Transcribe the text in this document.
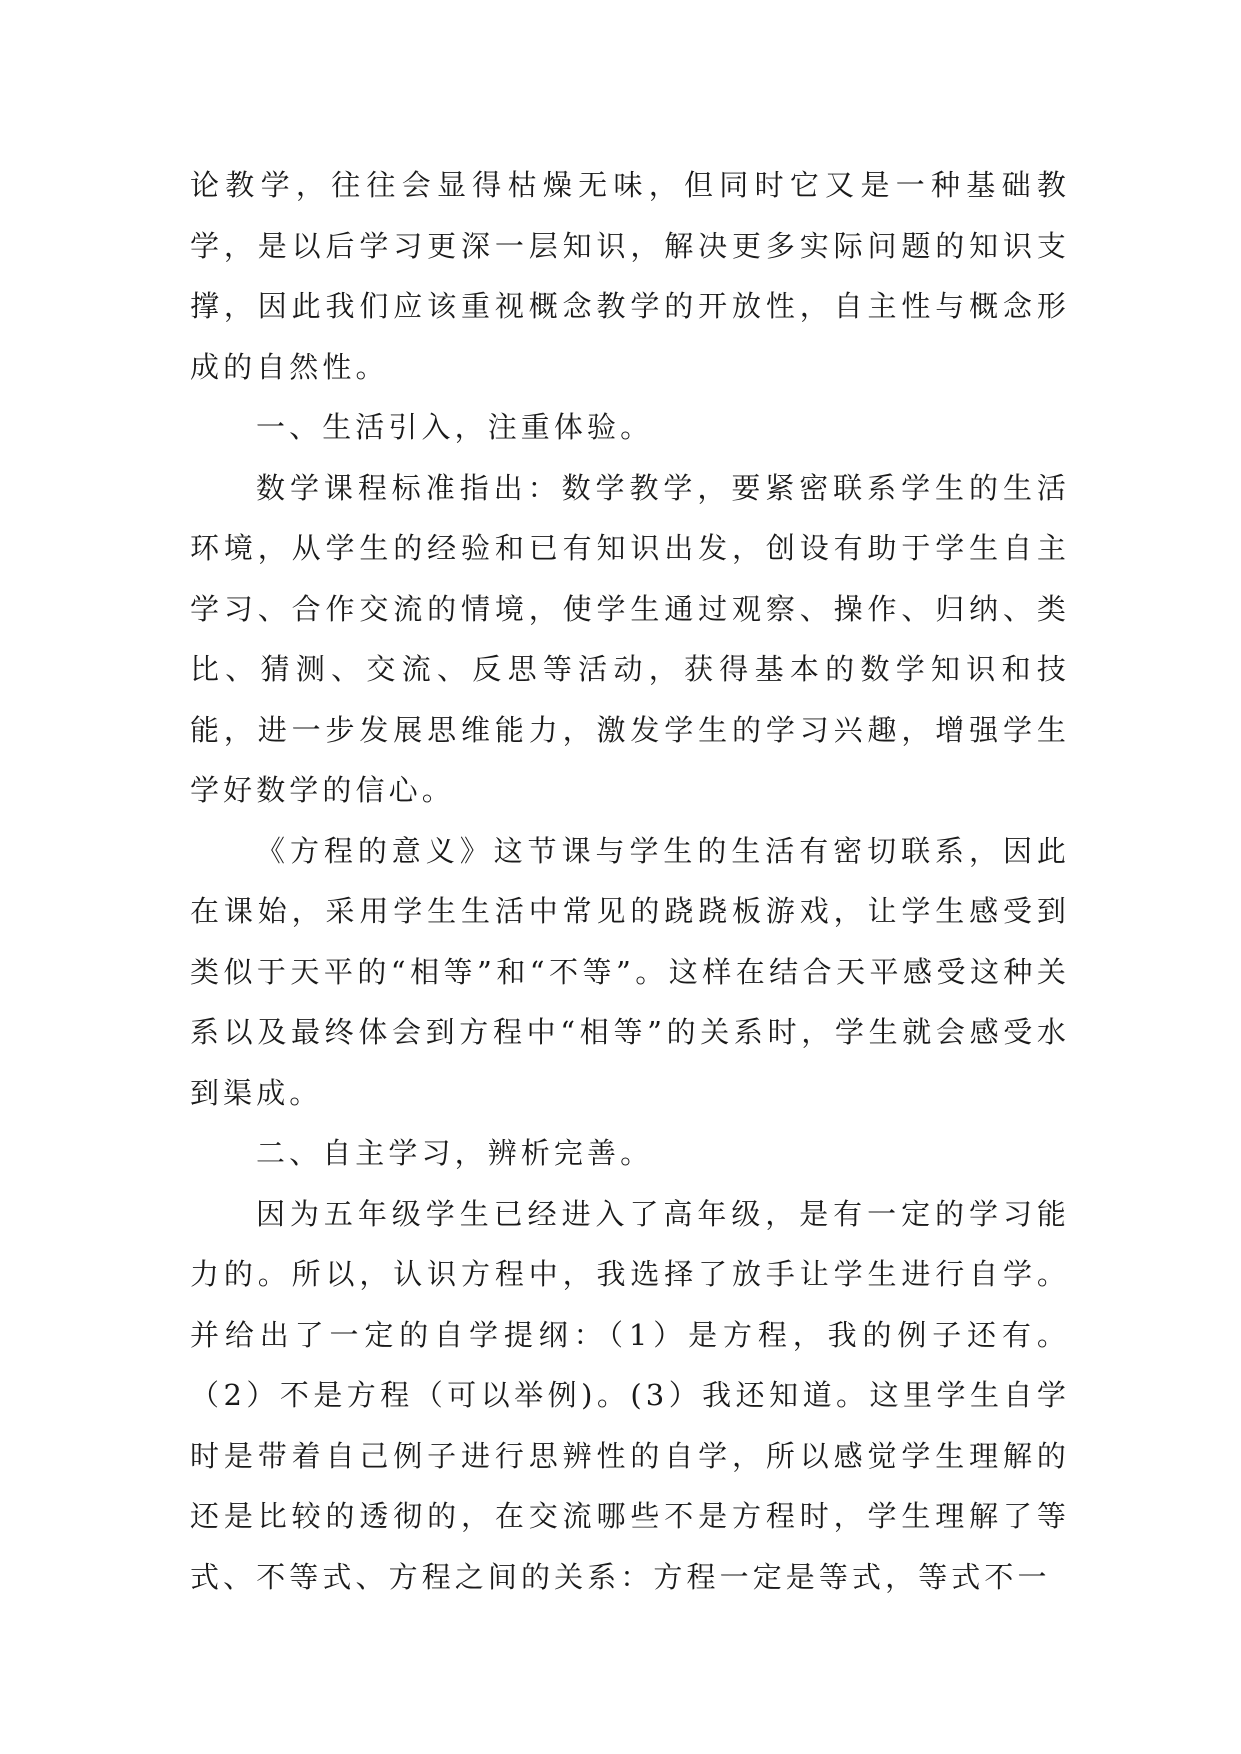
论教学，往往会显得枯燥无味，但同时它又是一种基础教学，是以后学习更深一层知识，解决更多实际问题的知识支撑，因此我们应该重视概念教学的开放性，自主性与概念形成的自然性。

一、生活引入，注重体验。

数学课程标准指出：数学教学，要紧密联系学生的生活环境，从学生的经验和已有知识出发，创设有助于学生自主学习、合作交流的情境，使学生通过观察、操作、归纳、类比、猜测、交流、反思等活动，获得基本的数学知识和技能，进一步发展思维能力，激发学生的学习兴趣，增强学生学好数学的信心。

《方程的意义》这节课与学生的生活有密切联系，因此在课始，采用学生生活中常见的跷跷板游戏，让学生感受到类似于天平的“相等”和“不等”。这样在结合天平感受这种关系以及最终体会到方程中“相等”的关系时，学生就会感受水到渠成。

二、自主学习，辨析完善。

因为五年级学生已经进入了高年级，是有一定的学习能力的。所以，认识方程中，我选择了放手让学生进行自学。并给出了一定的自学提纲：（1）是方程，我的例子还有。（2）不是方程（可以举例)。(3）我还知道。这里学生自学时是带着自己例子进行思辨性的自学，所以感觉学生理解的还是比较的透彻的，在交流哪些不是方程时，学生理解了等式、不等式、方程之间的关系：方程一定是等式，等式不一
